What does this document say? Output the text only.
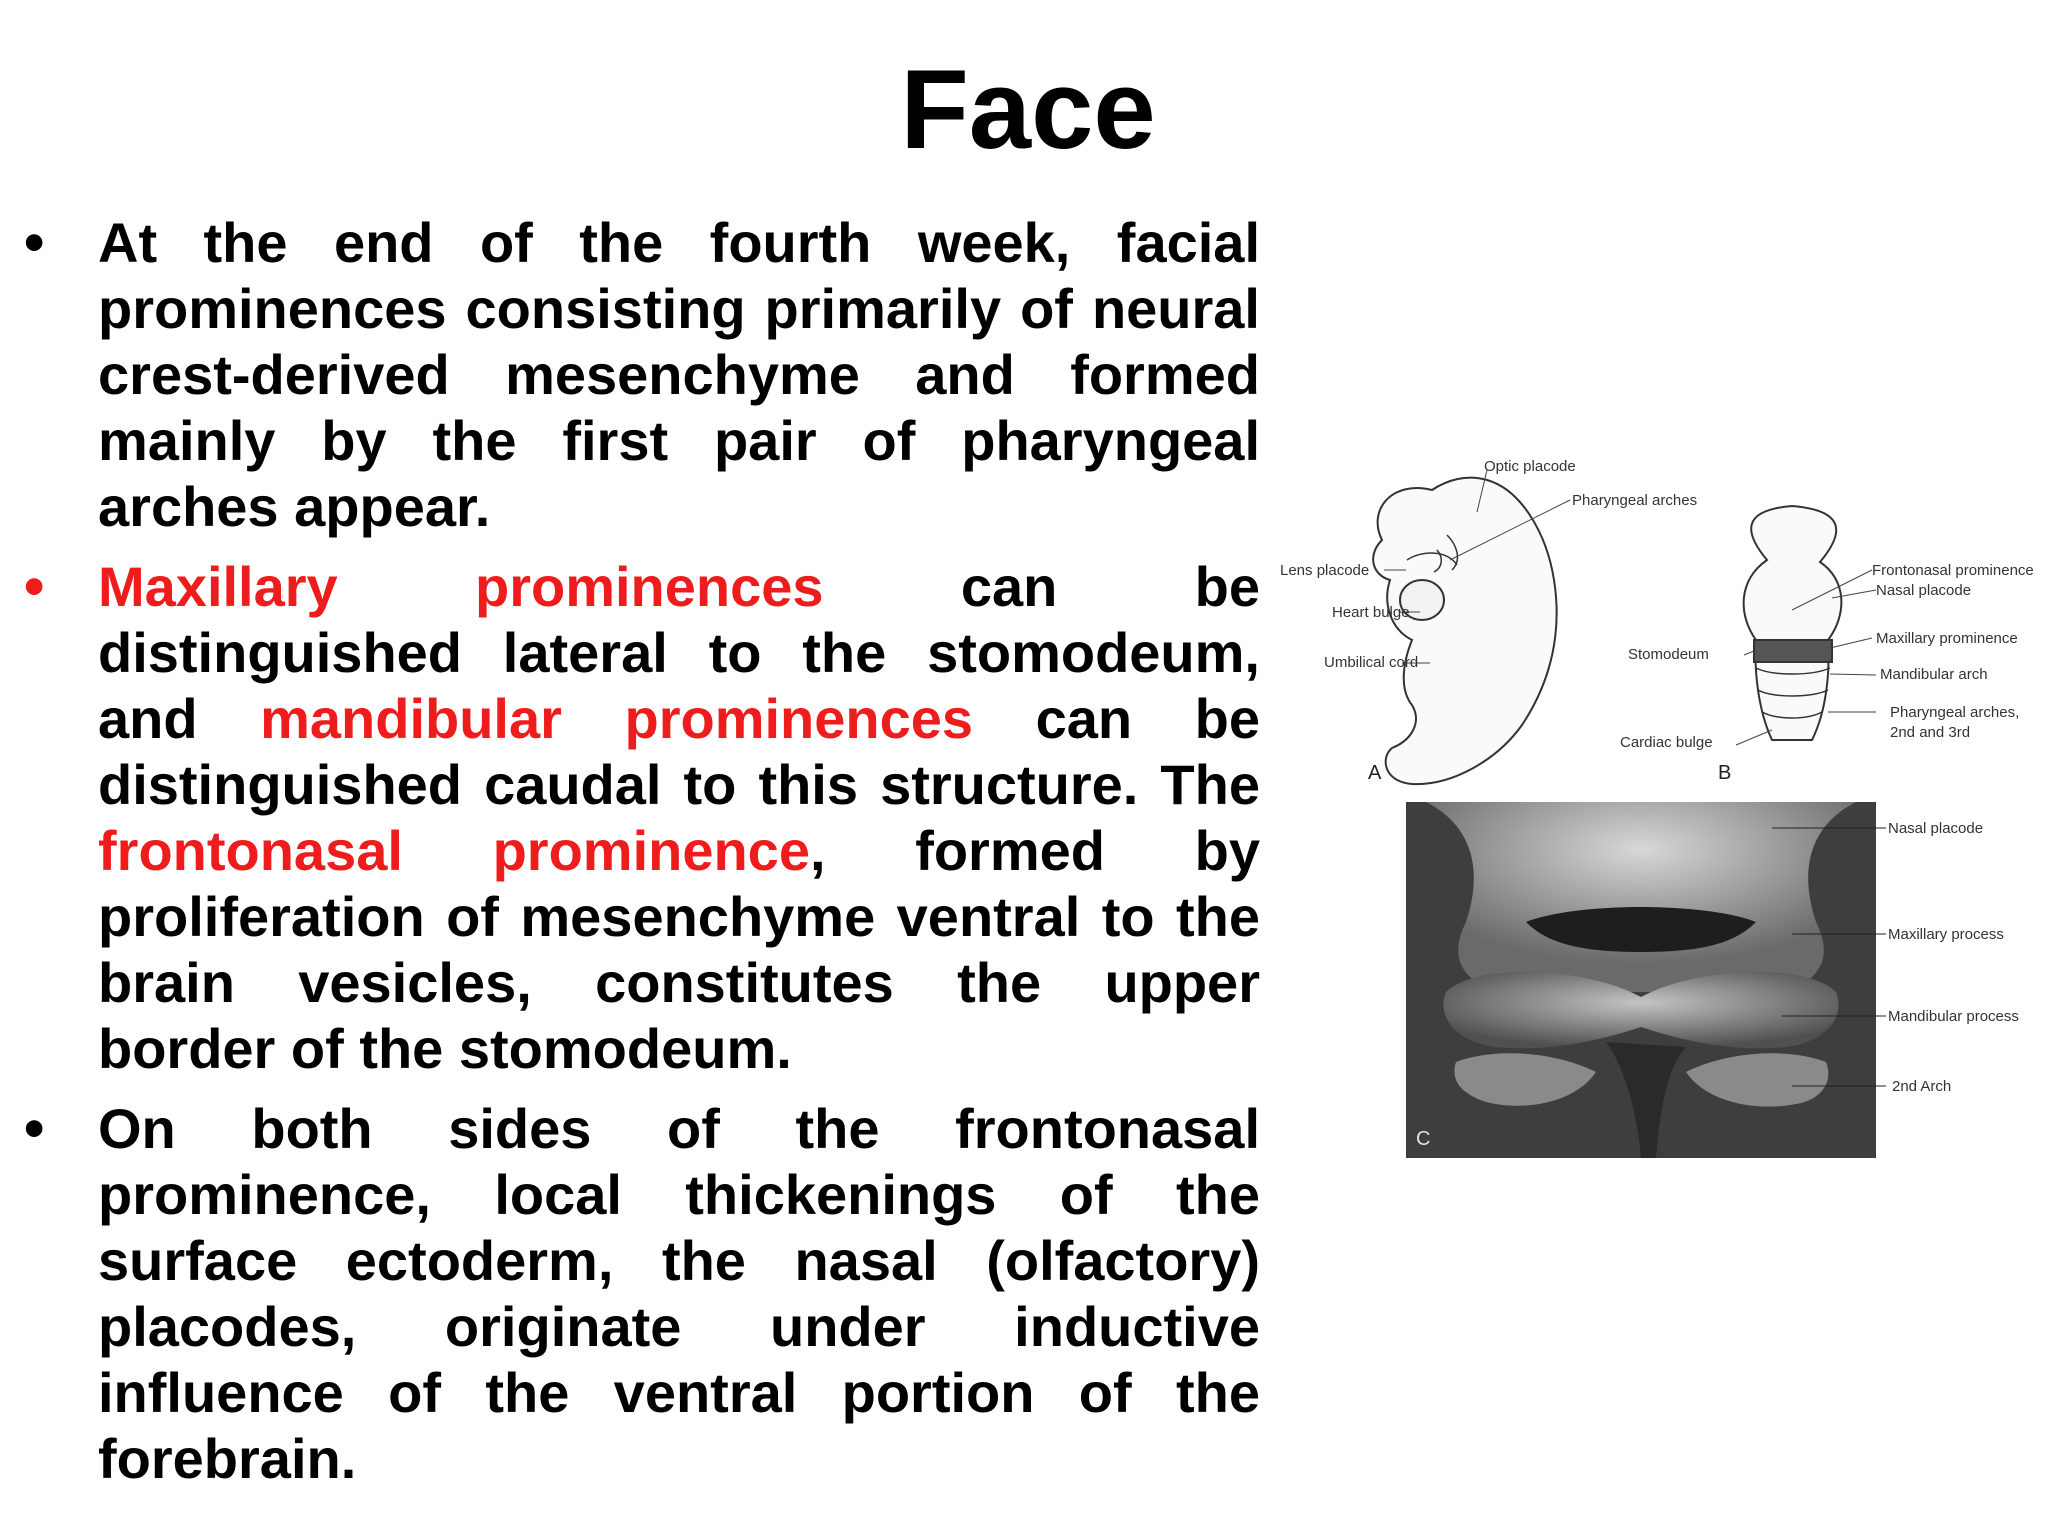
Face
• At the end of the fourth week, facial prominences consisting primarily of neural crest-derived mesenchyme and formed mainly by the first pair of pharyngeal arches appear.
• Maxillary prominences can be distinguished lateral to the stomodeum, and mandibular prominences can be distinguished caudal to this structure. The frontonasal prominence, formed by proliferation of mesenchyme ventral to the brain vesicles, constitutes the upper border of the stomodeum.
• On both sides of the frontonasal prominence, local thickenings of the surface ectoderm, the nasal (olfactory) placodes, originate under inductive influence of the ventral portion of the forebrain.
Optic placode
Pharyngeal arches
Lens placode
Heart bulge
Umbilical cord
A
Frontonasal prominence
Nasal placode
Maxillary prominence
Mandibular arch
Pharyngeal arches,
2nd and 3rd
Stomodeum
Cardiac bulge
B
C
Nasal placode
Maxillary process
Mandibular process
2nd Arch
